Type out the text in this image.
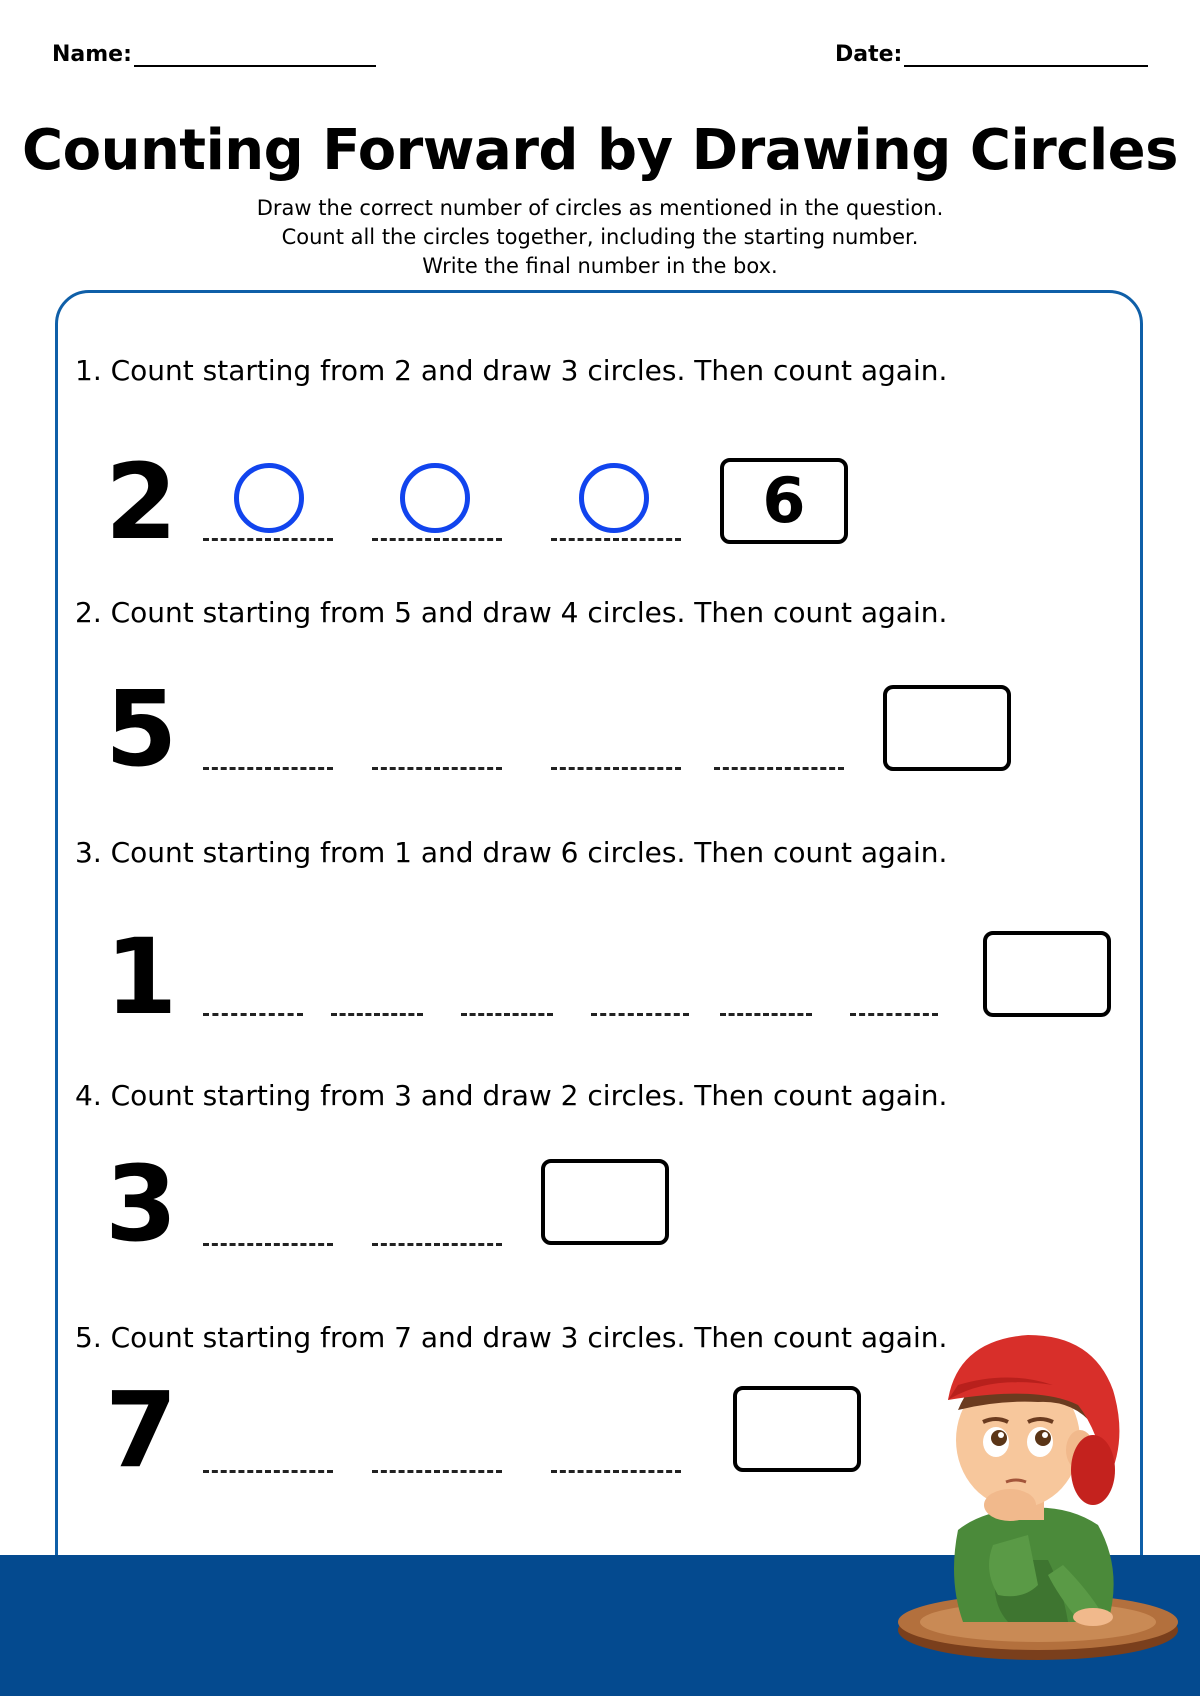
Name:	Date:
Counting Forward by Drawing Circles
Draw the correct number of circles as mentioned in the question.
Count all the circles together, including the starting number.
Write the final number in the box.
1. Count starting from 2 and draw 3 circles. Then count again.
2	6
2. Count starting from 5 and draw 4 circles. Then count again.
5
3. Count starting from 1 and draw 6 circles. Then count again.
1
4. Count starting from 3 and draw 2 circles. Then count again.
3
5. Count starting from 7 and draw 3 circles. Then count again.
7
